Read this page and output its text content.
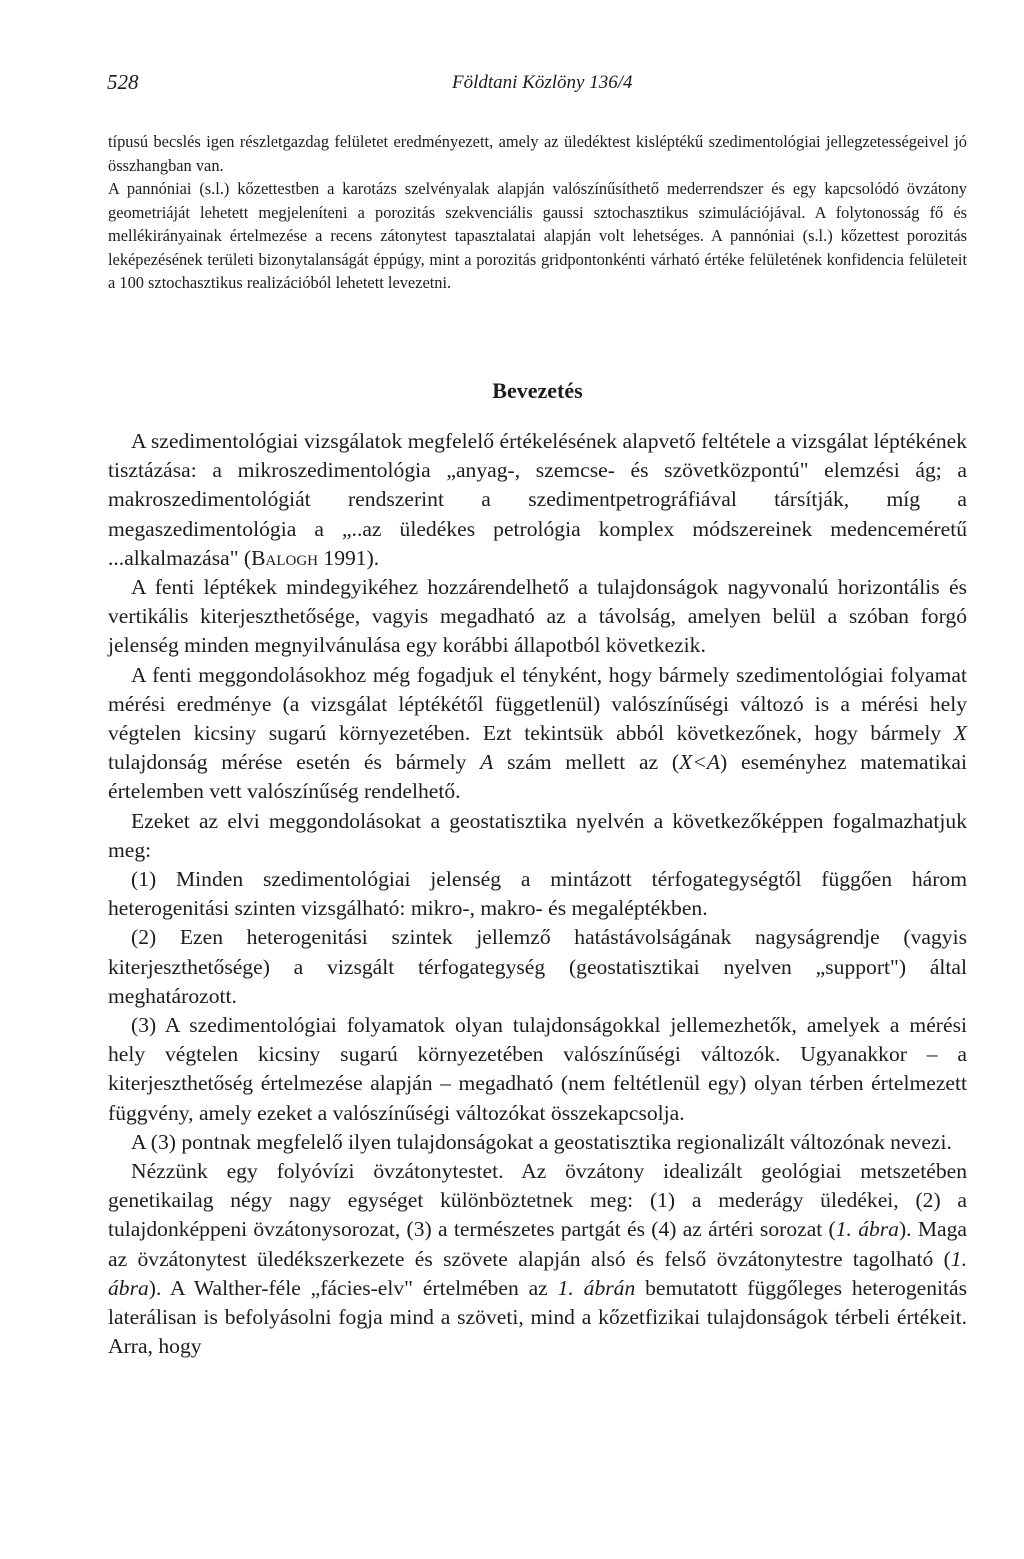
528	Földtani Közlöny 136/4

típusú becslés igen részletgazdag felületet eredményezett, amely az üledéktest kisléptékű szedimentológiai jellegzetességeivel jó összhangban van.

A pannóniai (s.l.) kőzettestben a karotázs szelvényalak alapján valószínűsíthető mederrendszer és egy kapcsolódó övzátony geometriáját lehetett megjeleníteni a porozitás szekvenciális gaussi sztochasztikus szimulációjával. A folytonosság fő és mellékirányainak értelmezése a recens zátonytest tapasztalatai alapján volt lehetséges. A pannóniai (s.l.) kőzettest porozitás leképezésének területi bizonytalanságát éppúgy, mint a porozitás gridpontonkénti várható értéke felületének konfidencia felületeit a 100 sztochasztikus realizációból lehetett levezetni.

Bevezetés

A szedimentológiai vizsgálatok megfelelő értékelésének alapvető feltétele a vizsgálat léptékének tisztázása: a mikroszedimentológia „anyag-, szemcse- és szövetközpontú" elemzési ág; a makroszedimentológiát rendszerint a szedimentpetrográfiával társítják, míg a megaszedimentológia a „..az üledékes petrológia komplex módszereinek medenceméretű ...alkalmazása" (Balogh 1991).

A fenti léptékek mindegyikéhez hozzárendelhető a tulajdonságok nagyvonalú horizontális és vertikális kiterjeszthetősége, vagyis megadható az a távolság, amelyen belül a szóban forgó jelenség minden megnyilvánulása egy korábbi állapotból következik.

A fenti meggondolásokhoz még fogadjuk el tényként, hogy bármely szedimentológiai folyamat mérési eredménye (a vizsgálat léptékétől függetlenül) valószínűségi változó is a mérési hely végtelen kicsiny sugarú környezetében. Ezt tekintsük abból következőnek, hogy bármely X tulajdonság mérése esetén és bármely A szám mellett az (X<A) eseményhez matematikai értelemben vett valószínűség rendelhető.

Ezeket az elvi meggondolásokat a geostatisztika nyelvén a következőképpen fogalmazhatjuk meg:

(1) Minden szedimentológiai jelenség a mintázott térfogategységtől függően három heterogenitási szinten vizsgálható: mikro-, makro- és megaléptékben.

(2) Ezen heterogenitási szintek jellemző hatástávolságának nagyságrendje (vagyis kiterjeszthetősége) a vizsgált térfogategység (geostatisztikai nyelven „support") által meghatározott.

(3) A szedimentológiai folyamatok olyan tulajdonságokkal jellemezhetők, amelyek a mérési hely végtelen kicsiny sugarú környezetében valószínűségi változók. Ugyanakkor – a kiterjeszthetőség értelmezése alapján – megadható (nem feltétlenül egy) olyan térben értelmezett függvény, amely ezeket a valószínűségi változókat összekapcsolja.

A (3) pontnak megfelelő ilyen tulajdonságokat a geostatisztika regionalizált változónak nevezi.

Nézzünk egy folyóvízi övzátonytestet. Az övzátony idealizált geológiai metszetében genetikailag négy nagy egységet különböztetnek meg: (1) a mederágy üledékei, (2) a tulajdonképpeni övzátonysorozat, (3) a természetes partgát és (4) az ártéri sorozat (1. ábra). Maga az övzátonytest üledékszerkezete és szövete alapján alsó és felső övzátonytestre tagolható (1. ábra). A Walther-féle „fácies-elv" értelmében az 1. ábrán bemutatott függőleges heterogenitás laterálisan is befolyásolni fogja mind a szöveti, mind a kőzetfizikai tulajdonságok térbeli értékeit. Arra, hogy
